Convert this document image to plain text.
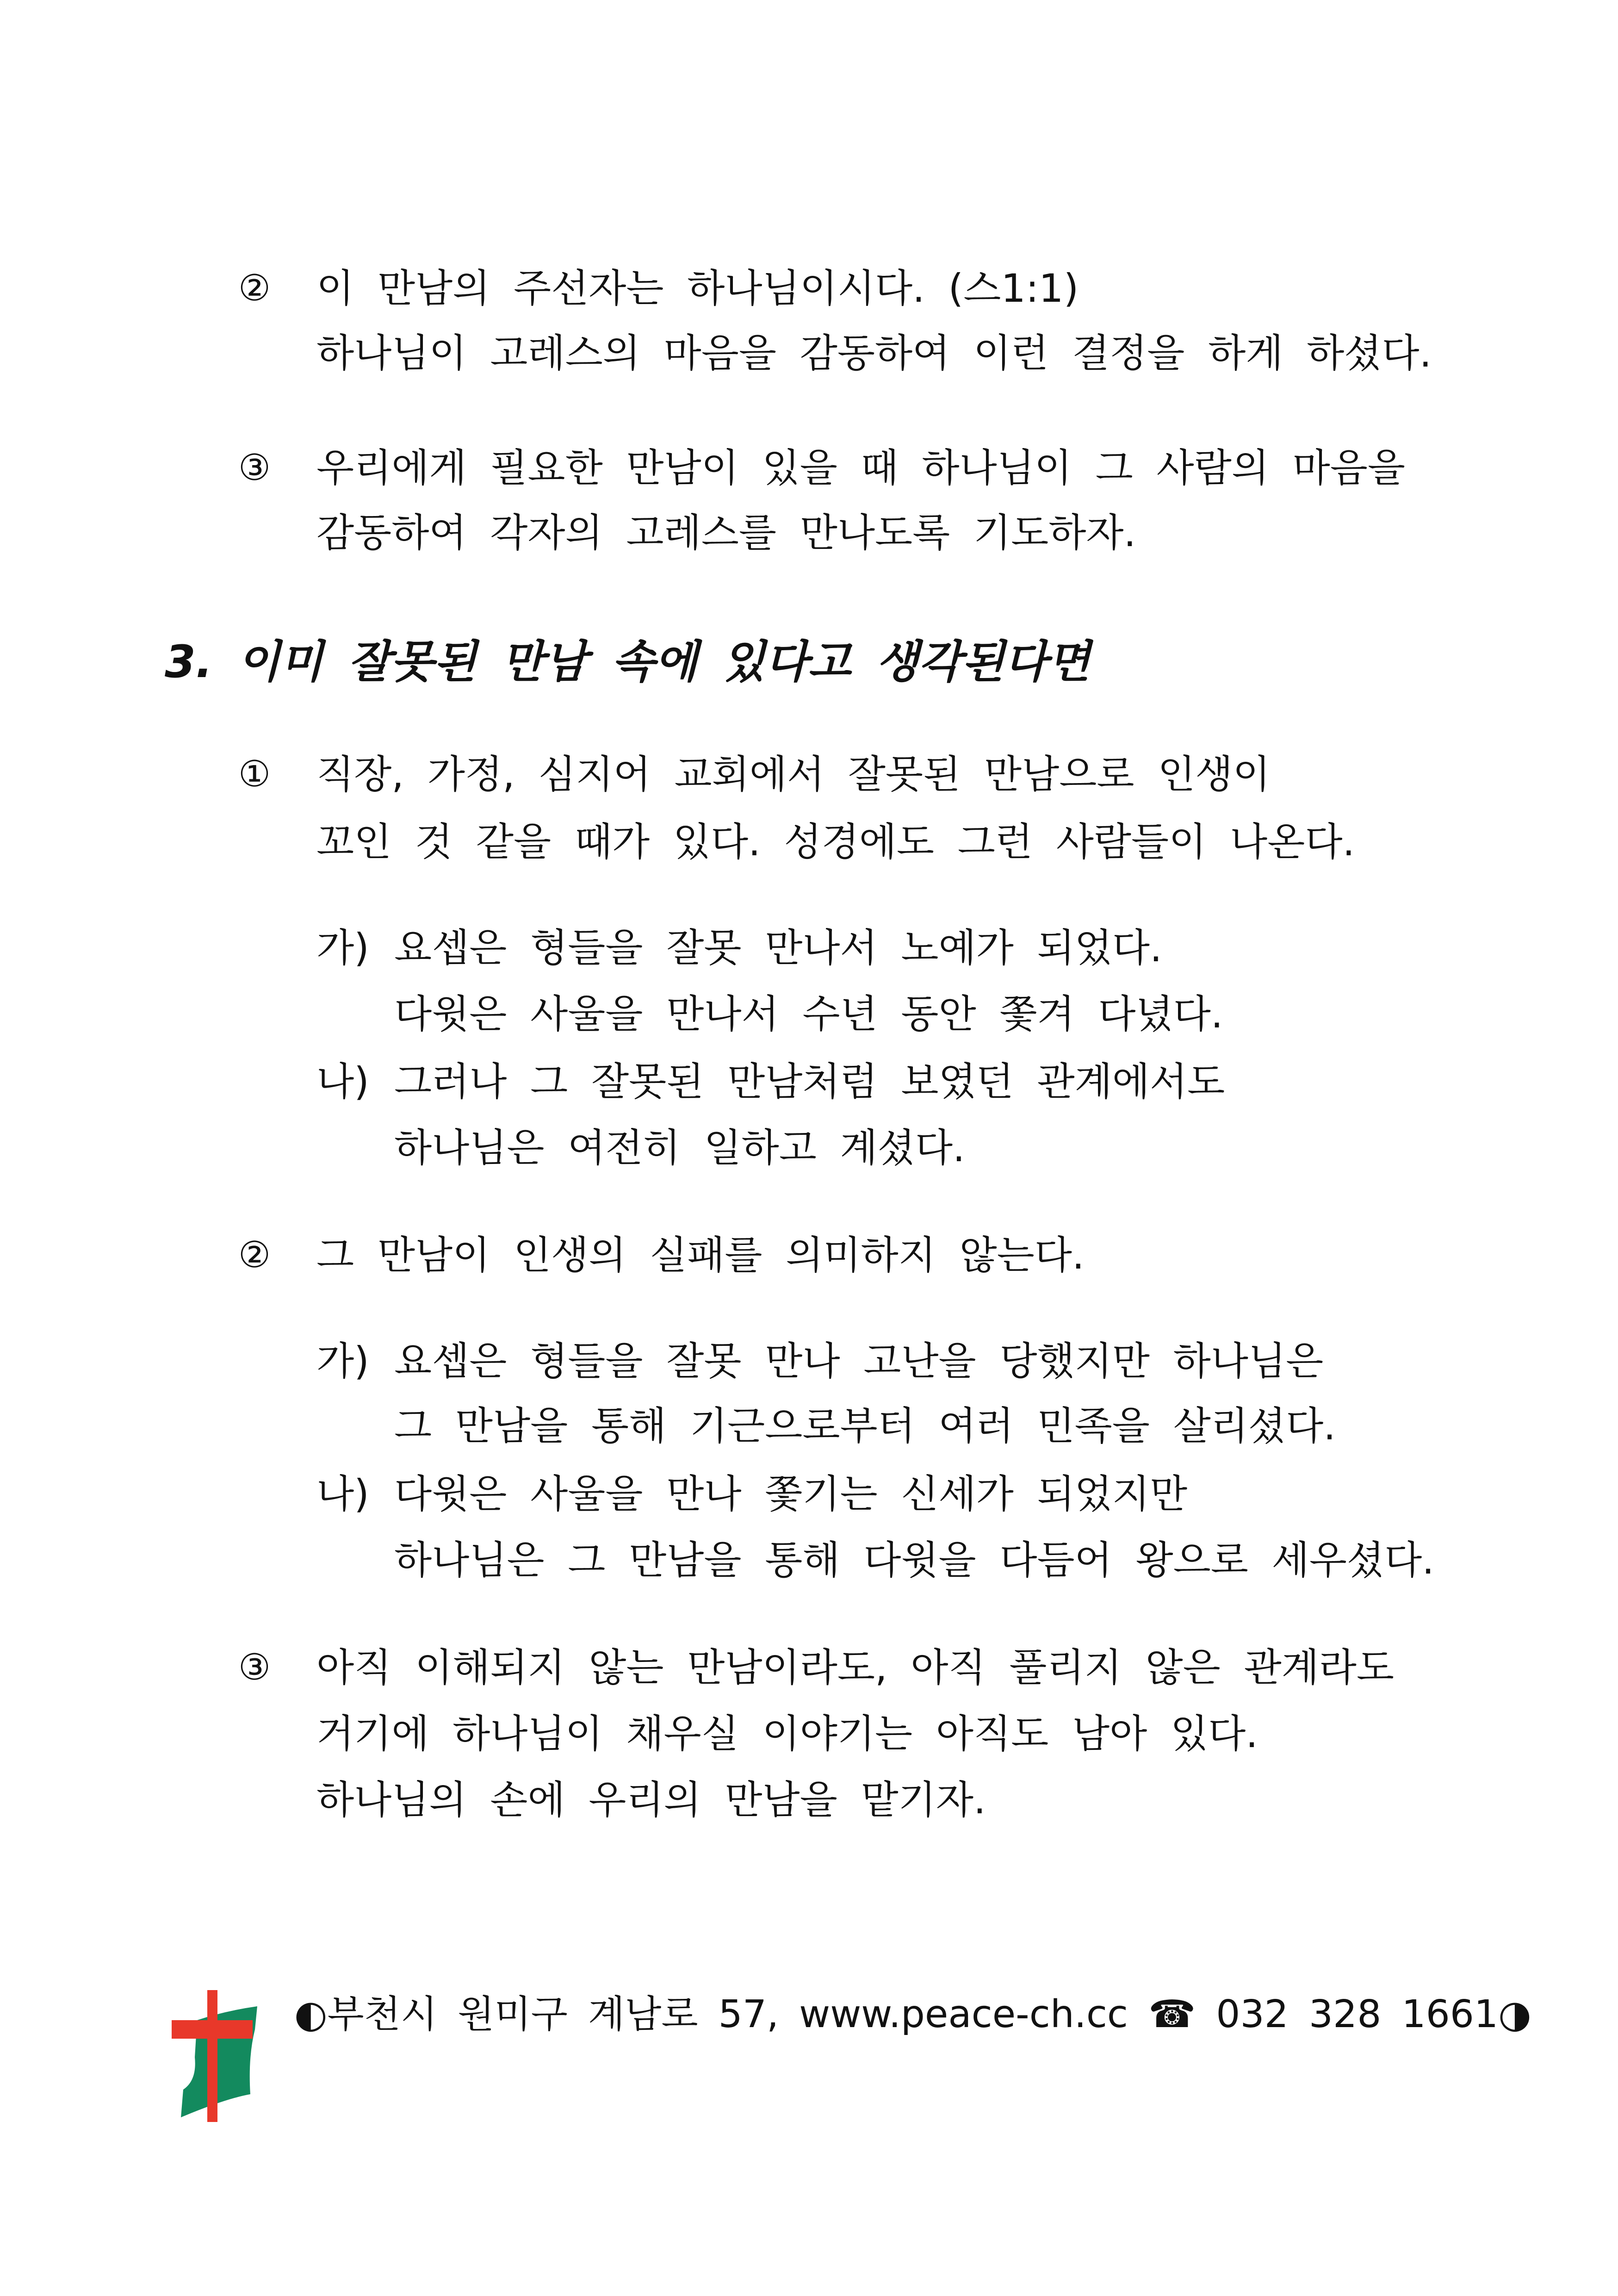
② 이 만남의 주선자는 하나님이시다. (스1:1)
하나님이 고레스의 마음을 감동하여 이런 결정을 하게 하셨다.
③ 우리에게 필요한 만남이 있을 때 하나님이 그 사람의 마음을
감동하여 각자의 고레스를 만나도록 기도하자.
3. 이미 잘못된 만남 속에 있다고 생각된다면
① 직장, 가정, 심지어 교회에서 잘못된 만남으로 인생이
꼬인 것 같을 때가 있다. 성경에도 그런 사람들이 나온다.
가) 요셉은 형들을 잘못 만나서 노예가 되었다.
다윗은 사울을 만나서 수년 동안 쫓겨 다녔다.
나) 그러나 그 잘못된 만남처럼 보였던 관계에서도
하나님은 여전히 일하고 계셨다.
② 그 만남이 인생의 실패를 의미하지 않는다.
가) 요셉은 형들을 잘못 만나 고난을 당했지만 하나님은
그 만남을 통해 기근으로부터 여러 민족을 살리셨다.
나) 다윗은 사울을 만나 쫓기는 신세가 되었지만
하나님은 그 만남을 통해 다윗을 다듬어 왕으로 세우셨다.
③ 아직 이해되지 않는 만남이라도, 아직 풀리지 않은 관계라도
거기에 하나님이 채우실 이야기는 아직도 남아 있다.
하나님의 손에 우리의 만남을 맡기자.
◐부천시 원미구 계남로 57, www.peace-ch.cc ☎ 032 328 1661◑
